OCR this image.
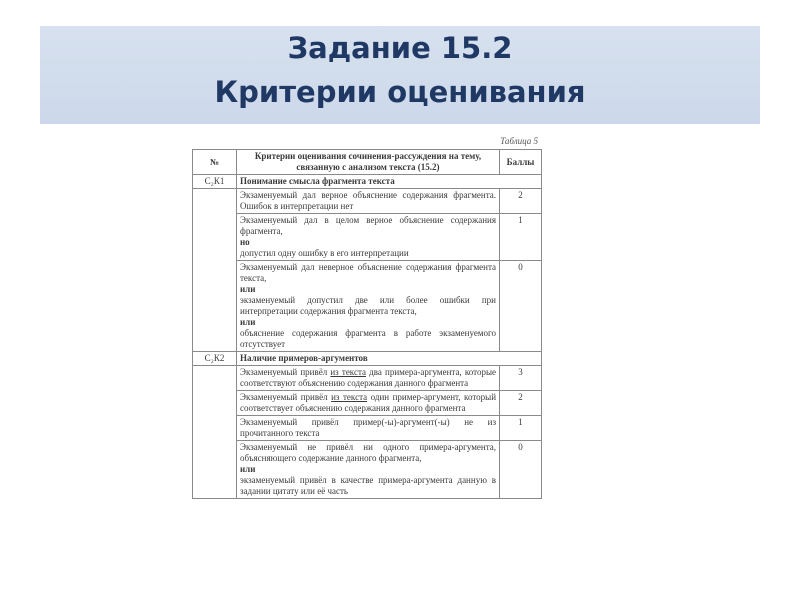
Задание 15.2
Критерии оценивания
Таблица 5
№	Критерии оценивания сочинения-рассуждения на тему, связанную с анализом текста (15.2)	Баллы
С₂К1	Понимание смысла фрагмента текста	
	Экзаменуемый дал верное объяснение содержания фрагмента. Ошибок в интерпретации нет	2
	Экзаменуемый дал в целом верное объяснение содержания фрагмента,
но
допустил одну ошибку в его интерпретации	1
	Экзаменуемый дал неверное объяснение содержания фрагмента текста,
или
экзаменуемый допустил две или более ошибки при интерпретации содержания фрагмента текста,
или
объяснение содержания фрагмента в работе экзаменуемого отсутствует	0
С₂К2	Наличие примеров-аргументов	
	Экзаменуемый привёл из текста два примера-аргумента, которые соответствуют объяснению содержания данного фрагмента	3
	Экзаменуемый привёл из текста один пример-аргумент, который соответствует объяснению содержания данного фрагмента	2
	Экзаменуемый привёл пример(-ы)-аргумент(-ы) не из прочитанного текста	1
	Экзаменуемый не привёл ни одного примера-аргумента, объясняющего содержание данного фрагмента,
или
экзаменуемый привёл в качестве примера-аргумента данную в задании цитату или её часть	0
